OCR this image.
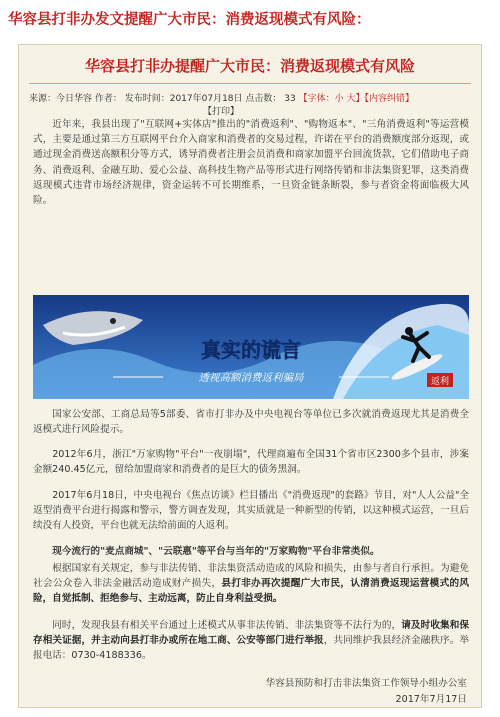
华容县打非办发文提醒广大市民：消费返现模式有风险：
华容县打非办提醒广大市民：消费返现模式有风险
来源：今日华容 作者： 发布时间：2017年07月18日 点击数： 33 【字体：小 大】【内容纠错】
【打印】
近年来，我县出现了"互联网+实体店"推出的"消费返利"、"购物返本"、"三角消费返利"等运营模式，主要是通过第三方互联网平台介入商家和消费者的交易过程，许诺在平台的消费额度部分返现，或通过现金消费送高额积分等方式，诱导消费者注册会员消费和商家加盟平台回流货款，它们借助电子商务、消费返利、金融互助、爱心公益、高科技生物产品等形式进行网络传销和非法集资犯罪，这类消费返现模式违背市场经济规律，资金运转不可长期维系，一旦资金链条断裂，参与者资金将面临极大风险。
真实的谎言
透视高额消费返利骗局	返利
国家公安部、工商总局等5部委、省市打非办及中央电视台等单位已多次就消费返现尤其是消费全返模式进行风险提示。
2012年6月，浙江"万家购物"平台"一夜崩塌"，代理商遍布全国31个省市区2300多个县市，涉案金额240.45亿元，留给加盟商家和消费者的是巨大的债务黑洞。
2017年6月18日，中央电视台《焦点访谈》栏目播出《"消费返现"的套路》节目，对"人人公益"全返型消费平台进行揭露和警示，警方调查发现，其实质就是一种新型的传销，以这种模式运营，一旦后续没有人投资，平台也就无法给前面的人返利。
现今流行的"麦点商城"、"云联惠"等平台与当年的"万家购物"平台非常类似。
根据国家有关规定，参与非法传销、非法集资活动造成的风险和损失，由参与者自行承担。为避免社会公众卷入非法金融活动造成财产损失，县打非办再次提醒广大市民，认清消费返现运营模式的风险，自觉抵制、拒绝参与、主动远离，防止自身利益受损。
同时，发现我县有相关平台通过上述模式从事非法传销、非法集资等不法行为的，请及时收集和保存相关证据，并主动向县打非办或所在地工商、公安等部门进行举报，共同维护我县经济金融秩序。举报电话：0730-4188336。
华容县预防和打击非法集资工作领导小组办公室
2017年7月17日
